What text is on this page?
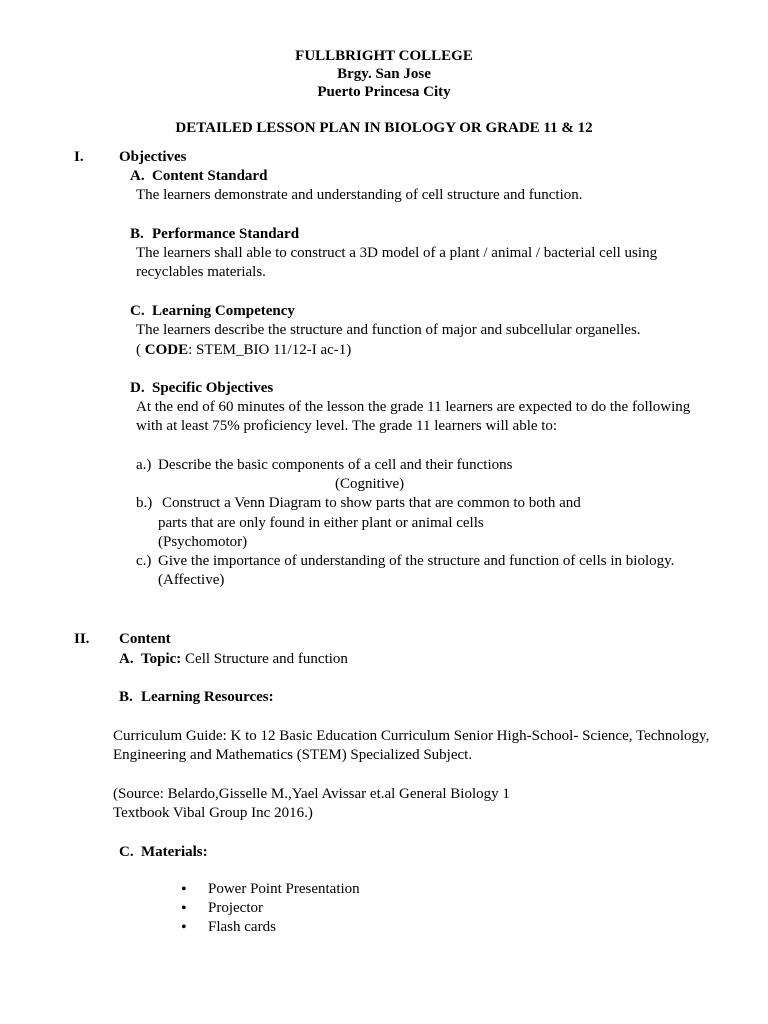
FULLBRIGHT COLLEGE
Brgy. San Jose
Puerto Princesa City
DETAILED LESSON PLAN IN BIOLOGY OR GRADE 11 & 12
I. Objectives
A. Content Standard
The learners demonstrate and understanding of cell structure and function.
B. Performance Standard
The learners shall able to construct a 3D model of a plant / animal / bacterial cell using
recyclables materials.
C. Learning Competency
The learners describe the structure and function of major and subcellular organelles.
( CODE: STEM_BIO 11/12-I ac-1)
D. Specific Objectives
At the end of 60 minutes of the lesson the grade 11 learners are expected to do the following
with at least 75% proficiency level. The grade 11 learners will able to:
a.) Describe the basic components of a cell and their functions
(Cognitive)
b.) Construct a Venn Diagram to show parts that are common to both and
parts that are only found in either plant or animal cells
(Psychomotor)
c.) Give the importance of understanding of the structure and function of cells in biology.
(Affective)
II. Content
A. Topic: Cell Structure and function
B. Learning Resources:
Curriculum Guide: K to 12 Basic Education Curriculum Senior High-School- Science, Technology,
Engineering and Mathematics (STEM) Specialized Subject.
(Source: Belardo,Gisselle M.,Yael Avissar et.al General Biology 1
Textbook Vibal Group Inc 2016.)
C. Materials:
• Power Point Presentation
• Projector
• Flash cards
